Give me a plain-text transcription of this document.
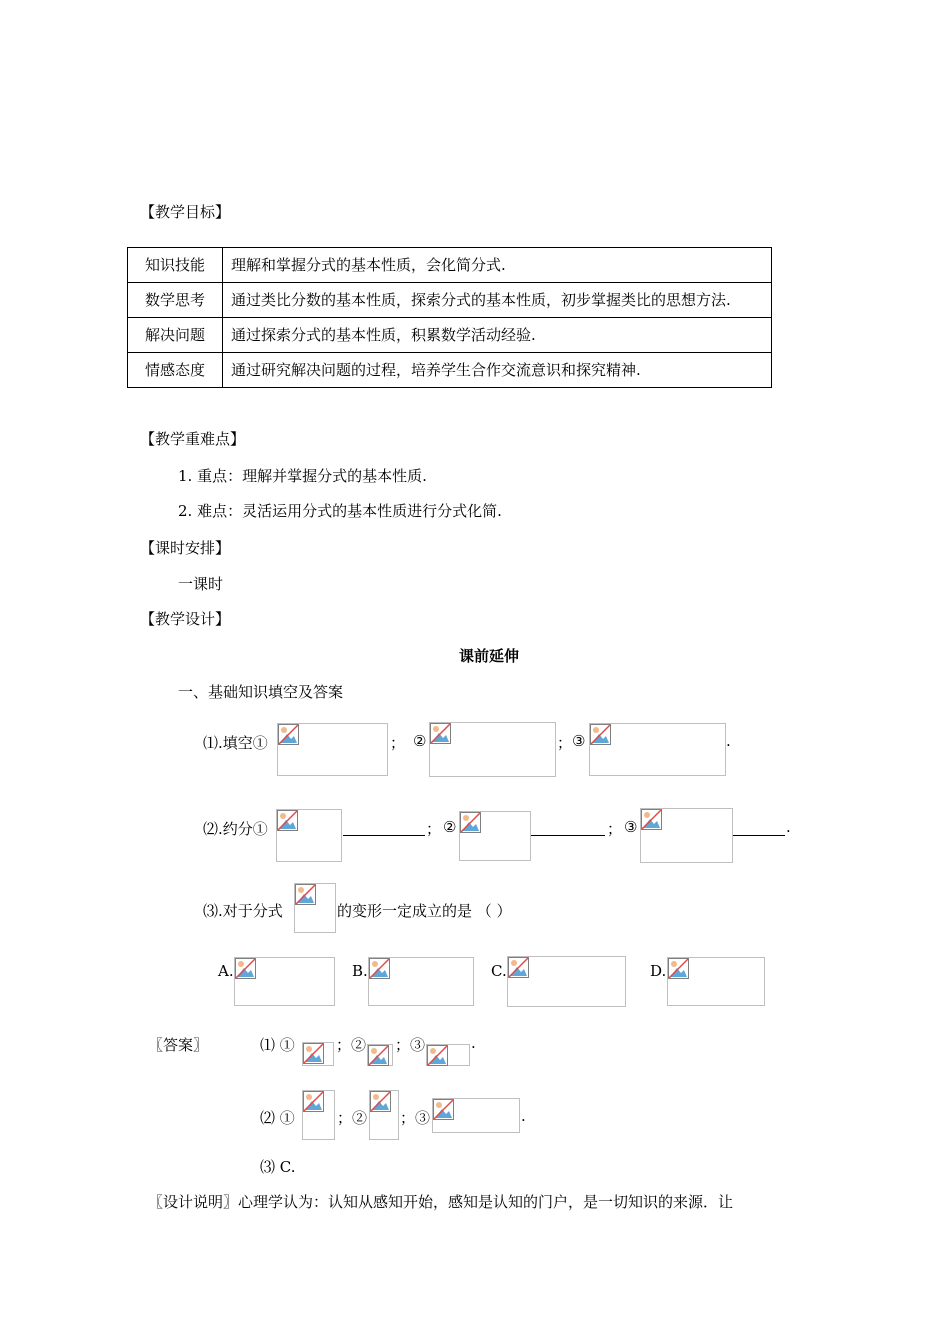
【教学目标】
知识技能	理解和掌握分式的基本性质，会化简分式.
数学思考	通过类比分数的基本性质，探索分式的基本性质，初步掌握类比的思想方法.
解决问题	通过探索分式的基本性质，积累数学活动经验.
情感态度	通过研究解决问题的过程，培养学生合作交流意识和探究精神.
【教学重难点】
1. 重点：理解并掌握分式的基本性质.
2. 难点：灵活运用分式的基本性质进行分式化简.
【课时安排】
一课时
【教学设计】
课前延伸
一、基础知识填空及答案
⑴.填空①	； ②	； ③	.
⑵.约分①	； ②	； ③	.
⑶.对于分式	的变形一定成立的是 （ ）
A.	B.	C.	D.
〖答案〗	⑴ ①	；② ；③	.
⑵ ①	；② ；③	.
⑶ C.
〖设计说明〗心理学认为：认知从感知开始，感知是认知的门户，是一切知识的来源．让
